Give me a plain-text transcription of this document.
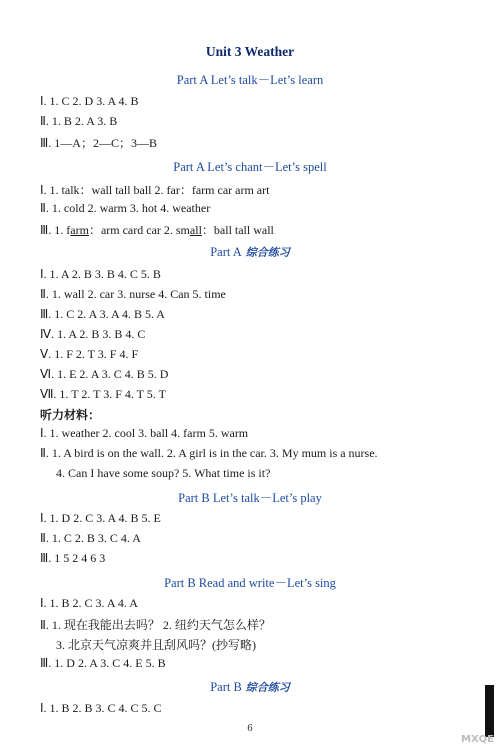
Unit 3 Weather
Part A Let’s talk－Let’s learn
Ⅰ. 1. C 2. D 3. A 4. B
Ⅱ. 1. B 2. A 3. B
Ⅲ. 1—A；2—C；3—B
Part A Let’s chant－Let’s spell
Ⅰ. 1. talk：wall tall ball 2. far：farm car arm art
Ⅱ. 1. cold 2. warm 3. hot 4. weather
Ⅲ. 1. farm：arm card car 2. small：ball tall wall
Part A 综合练习
Ⅰ. 1. A 2. B 3. B 4. C 5. B
Ⅱ. 1. wall 2. car 3. nurse 4. Can 5. time
Ⅲ. 1. C 2. A 3. A 4. B 5. A
Ⅳ. 1. A 2. B 3. B 4. C
Ⅴ. 1. F 2. T 3. F 4. F
Ⅵ. 1. E 2. A 3. C 4. B 5. D
Ⅶ. 1. T 2. T 3. F 4. T 5. T
听力材料：
Ⅰ. 1. weather 2. cool 3. ball 4. farm 5. warm
Ⅱ. 1. A bird is on the wall. 2. A girl is in the car. 3. My mum is a nurse.
4. Can I have some soup? 5. What time is it?
Part B Let’s talk－Let’s play
Ⅰ. 1. D 2. C 3. A 4. B 5. E
Ⅱ. 1. C 2. B 3. C 4. A
Ⅲ. 1 5 2 4 6 3
Part B Read and write－Let’s sing
Ⅰ. 1. B 2. C 3. A 4. A
Ⅱ. 1. 现在我能出去吗？ 2. 纽约天气怎么样？
3. 北京天气凉爽并且刮风吗？(抄写略)
Ⅲ. 1. D 2. A 3. C 4. E 5. B
Part B 综合练习
Ⅰ. 1. B 2. B 3. C 4. C 5. C
6
MXQE
